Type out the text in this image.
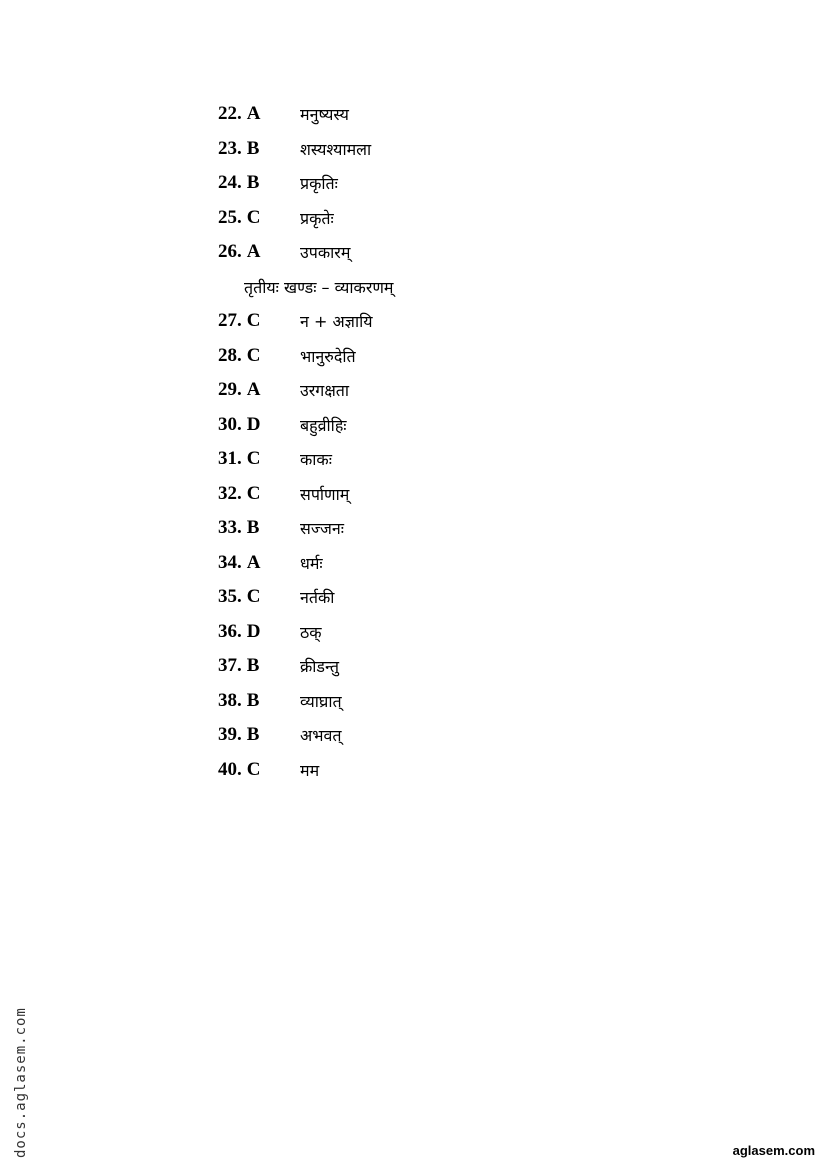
22. A	मनुष्यस्य
23. B	शस्यश्यामला
24. B	प्रकृतिः
25. C	प्रकृतेः
26. A	उपकारम्
तृतीयः खण्डः – व्याकरणम्
27. C	न + अज्ञायि
28. C	भानुरुदेति
29. A	उरगक्षता
30. D	बहुव्रीहिः
31. C	काकः
32. C	सर्पाणाम्
33. B	सज्जनः
34. A	धर्मः
35. C	नर्तकी
36. D	ठक्
37. B	क्रीडन्तु
38. B	व्याघ्रात्
39. B	अभवत्
40. C	मम
docs.aglasem.com	aglasem.com
